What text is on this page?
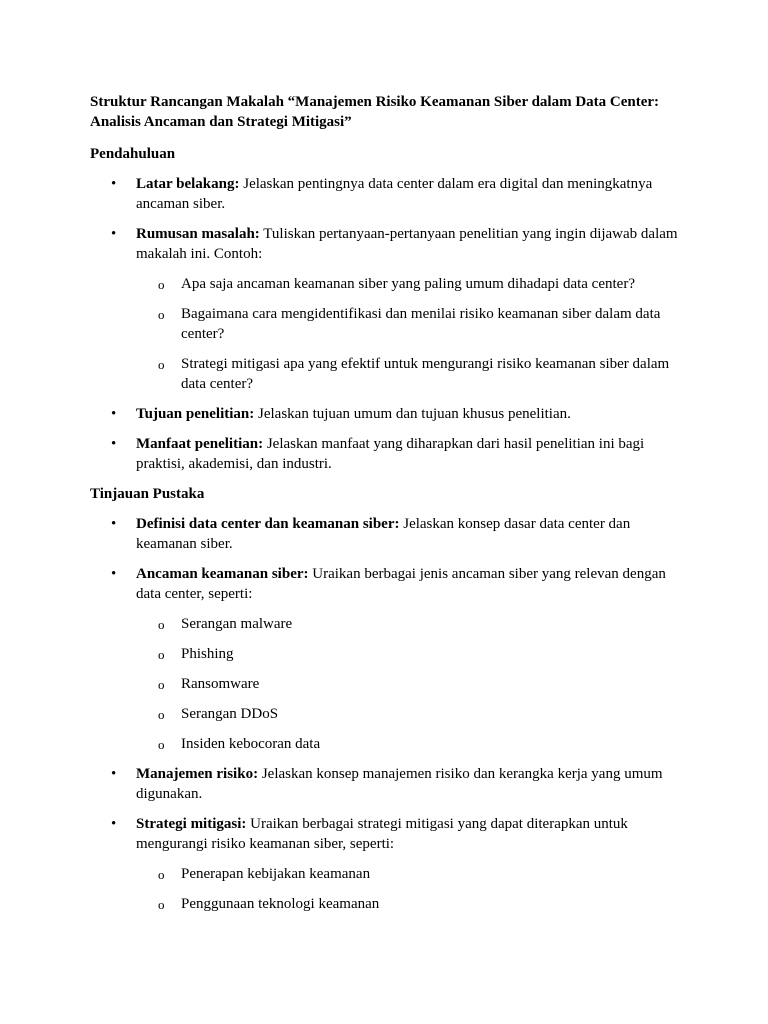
Struktur Rancangan Makalah “Manajemen Risiko Keamanan Siber dalam Data Center: Analisis Ancaman dan Strategi Mitigasi”
Pendahuluan
• Latar belakang: Jelaskan pentingnya data center dalam era digital dan meningkatnya ancaman siber.
• Rumusan masalah: Tuliskan pertanyaan-pertanyaan penelitian yang ingin dijawab dalam makalah ini. Contoh:
o Apa saja ancaman keamanan siber yang paling umum dihadapi data center?
o Bagaimana cara mengidentifikasi dan menilai risiko keamanan siber dalam data center?
o Strategi mitigasi apa yang efektif untuk mengurangi risiko keamanan siber dalam data center?
• Tujuan penelitian: Jelaskan tujuan umum dan tujuan khusus penelitian.
• Manfaat penelitian: Jelaskan manfaat yang diharapkan dari hasil penelitian ini bagi praktisi, akademisi, dan industri.
Tinjauan Pustaka
• Definisi data center dan keamanan siber: Jelaskan konsep dasar data center dan keamanan siber.
• Ancaman keamanan siber: Uraikan berbagai jenis ancaman siber yang relevan dengan data center, seperti:
o Serangan malware
o Phishing
o Ransomware
o Serangan DDoS
o Insiden kebocoran data
• Manajemen risiko: Jelaskan konsep manajemen risiko dan kerangka kerja yang umum digunakan.
• Strategi mitigasi: Uraikan berbagai strategi mitigasi yang dapat diterapkan untuk mengurangi risiko keamanan siber, seperti:
o Penerapan kebijakan keamanan
o Penggunaan teknologi keamanan
